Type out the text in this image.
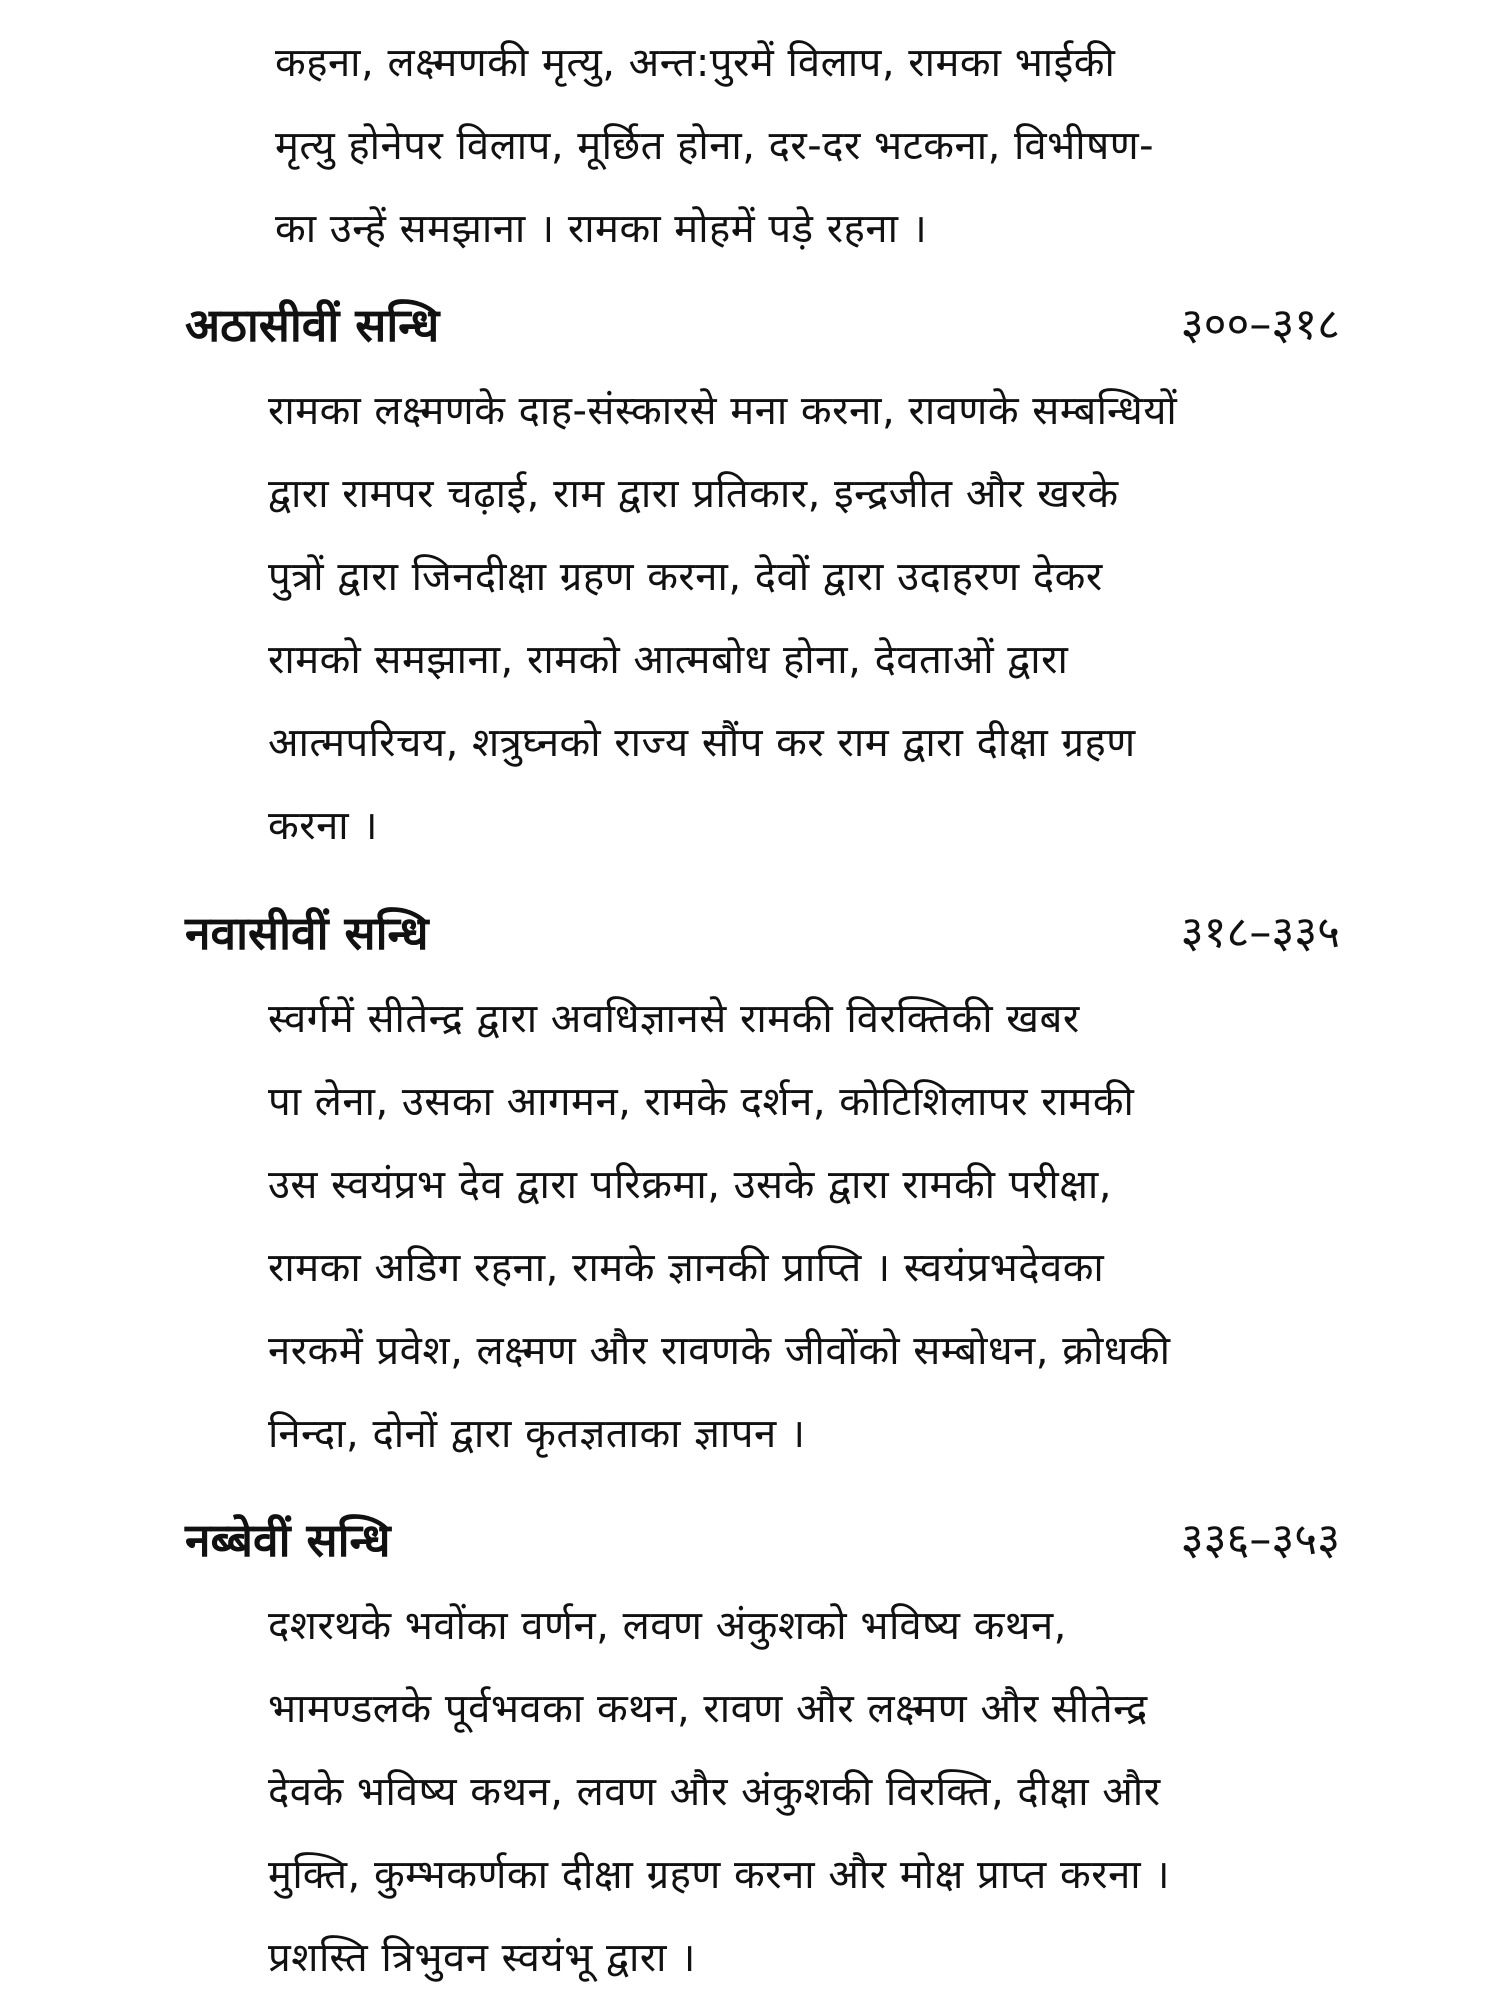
कहना, लक्ष्मणकी मृत्यु, अन्त:पुरमें विलाप, रामका भाईकी
मृत्यु होनेपर विलाप, मूर्छित होना, दर-दर भटकना, विभीषण-
का उन्हें समझाना । रामका मोहमें पड़े रहना ।
अठासीवीं सन्धि	३००–३१८
रामका लक्ष्मणके दाह-संस्कारसे मना करना, रावणके सम्बन्धियों
द्वारा रामपर चढ़ाई, राम द्वारा प्रतिकार, इन्द्रजीत और खरके
पुत्रों द्वारा जिनदीक्षा ग्रहण करना, देवों द्वारा उदाहरण देकर
रामको समझाना, रामको आत्मबोध होना, देवताओं द्वारा
आत्मपरिचय, शत्रुघ्नको राज्य सौंप कर राम द्वारा दीक्षा ग्रहण
करना ।
नवासीवीं सन्धि	३१८–३३५
स्वर्गमें सीतेन्द्र द्वारा अवधिज्ञानसे रामकी विरक्तिकी खबर
पा लेना, उसका आगमन, रामके दर्शन, कोटिशिलापर रामकी
उस स्वयंप्रभ देव द्वारा परिक्रमा, उसके द्वारा रामकी परीक्षा,
रामका अडिग रहना, रामके ज्ञानकी प्राप्ति । स्वयंप्रभदेवका
नरकमें प्रवेश, लक्ष्मण और रावणके जीवोंको सम्बोधन, क्रोधकी
निन्दा, दोनों द्वारा कृतज्ञताका ज्ञापन ।
नब्बेवीं सन्धि	३३६–३५३
दशरथके भवोंका वर्णन, लवण अंकुशको भविष्य कथन,
भामण्डलके पूर्वभवका कथन, रावण और लक्ष्मण और सीतेन्द्र
देवके भविष्य कथन, लवण और अंकुशकी विरक्ति, दीक्षा और
मुक्ति, कुम्भकर्णका दीक्षा ग्रहण करना और मोक्ष प्राप्त करना ।
प्रशस्ति त्रिभुवन स्वयंभू द्वारा ।
